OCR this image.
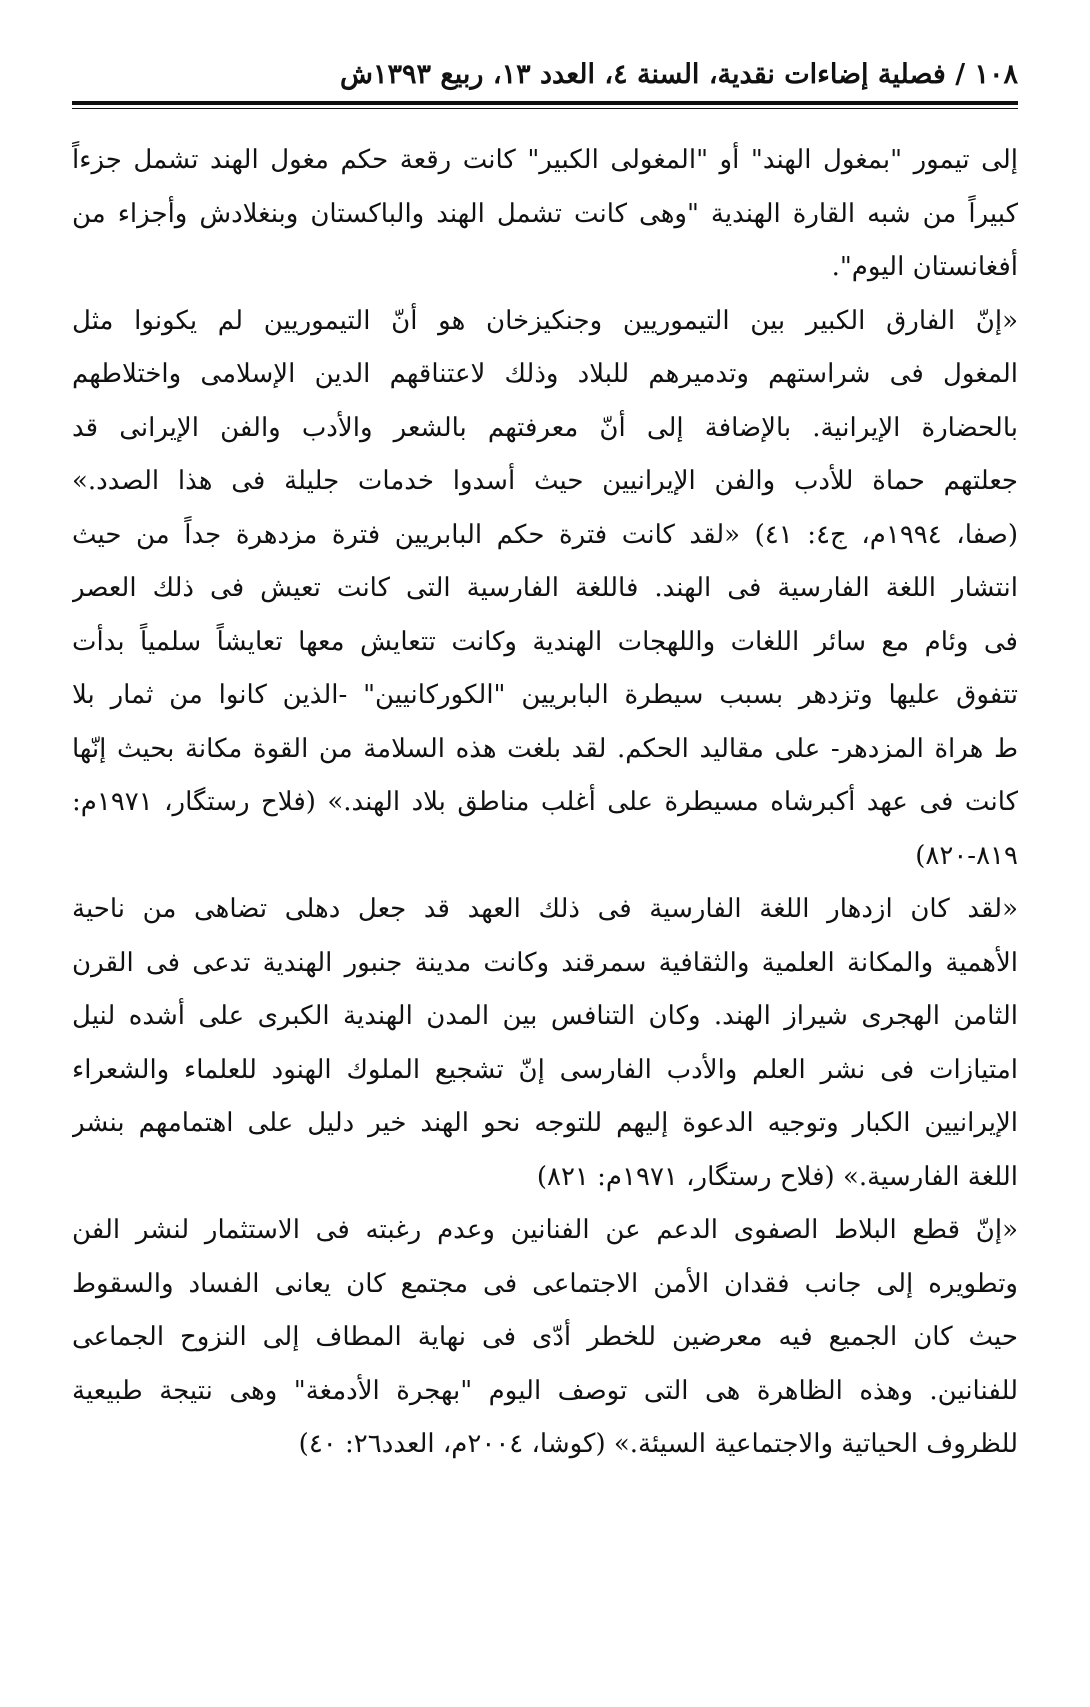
١٠٨ / فصلية إضاءات نقدية، السنة ٤، العدد ١٣، ربيع ١٣٩٣ش
إلى تيمور "بمغول الهند" أو "المغولى الكبير" كانت رقعة حكم مغول الهند تشمل جزءاً
كبيراً من شبه القارة الهندية "وهى كانت تشمل الهند والباكستان وبنغلادش وأجزاء من
أفغانستان اليوم".
«إنّ الفارق الكبير بين التيموريين وجنكيزخان هو أنّ التيموريين لم يكونوا مثل
المغول فى شراستهم وتدميرهم للبلاد وذلك لاعتناقهم الدين الإسلامى واختلاطهم
بالحضارة الإيرانية. بالإضافة إلى أنّ معرفتهم بالشعر والأدب والفن الإيرانى قد
جعلتهم حماة للأدب والفن الإيرانيين حيث أسدوا خدمات جليلة فى هذا الصدد.»
(صفا، ١٩٩٤م، ج٤: ٤١) «لقد كانت فترة حكم البابريين فترة مزدهرة جداً من حيث
انتشار اللغة الفارسية فى الهند. فاللغة الفارسية التى كانت تعيش فى ذلك العصر
فى وئام مع سائر اللغات واللهجات الهندية وكانت تتعايش معها تعايشاً سلمياً بدأت
تتفوق عليها وتزدهر بسبب سيطرة البابريين "الكوركانيين" -الذين كانوا من ثمار بلا
ط هراة المزدهر- على مقاليد الحكم. لقد بلغت هذه السلامة من القوة مكانة بحيث إنّها
كانت فى عهد أكبرشاه مسيطرة على أغلب مناطق بلاد الهند.» (فلاح رستگار، ١٩٧١م:
٨١٩-٨٢٠)
«لقد كان ازدهار اللغة الفارسية فى ذلك العهد قد جعل دهلى تضاهى من ناحية
الأهمية والمكانة العلمية والثقافية سمرقند وكانت مدينة جنبور الهندية تدعى فى القرن
الثامن الهجرى شيراز الهند. وكان التنافس بين المدن الهندية الكبرى على أشده لنيل
امتيازات فى نشر العلم والأدب الفارسى إنّ تشجيع الملوك الهنود للعلماء والشعراء
الإيرانيين الكبار وتوجيه الدعوة إليهم للتوجه نحو الهند خير دليل على اهتمامهم بنشر
اللغة الفارسية.» (فلاح رستگار، ١٩٧١م: ٨٢١)
«إنّ قطع البلاط الصفوى الدعم عن الفنانين وعدم رغبته فى الاستثمار لنشر الفن
وتطويره إلى جانب فقدان الأمن الاجتماعى فى مجتمع كان يعانى الفساد والسقوط
حيث كان الجميع فيه معرضين للخطر أدّى فى نهاية المطاف إلى النزوح الجماعى
للفنانين. وهذه الظاهرة هى التى توصف اليوم "بهجرة الأدمغة" وهى نتيجة طبيعية
للظروف الحياتية والاجتماعية السيئة.» (كوشا، ٢٠٠٤م، العدد٢٦: ٤٠)
